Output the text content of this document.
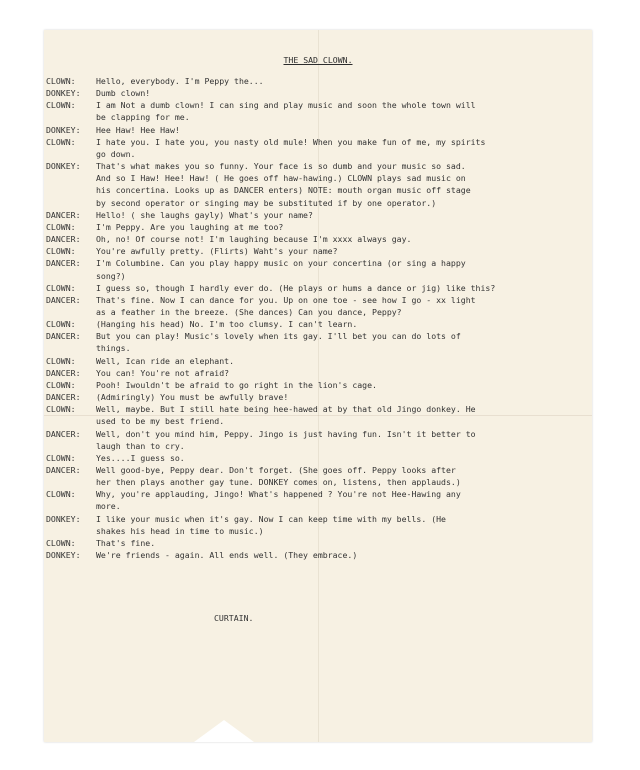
THE SAD CLOWN.
CLOWN:	Hello, everybody. I'm Peppy the...
DONKEY:	Dumb clown!
CLOWN:	I am Not a dumb clown! I can sing and play music and soon the whole town will
be clapping for me.
DONKEY:	Hee Haw! Hee Haw!
CLOWN:	I hate you. I hate you, you nasty old mule! When you make fun of me, my spirits
go down.
DONKEY:	That's what makes you so funny. Your face is so dumb and your music so sad.
And so I Haw! Hee! Haw! ( He goes off haw-hawing.) CLOWN plays sad music on
his concertina. Looks up as DANCER enters) NOTE: mouth organ music off stage
by second operator or singing may be substituted if by one operator.)
DANCER:	Hello! ( she laughs gayly) What's your name?
CLOWN:	I'm Peppy. Are you laughing at me too?
DANCER:	Oh, no! Of course not! I'm laughing because I'm xxxx always gay.
CLOWN:	You're awfully pretty. (Flirts) Waht's your name?
DANCER:	I'm Columbine. Can you play happy music on your concertina (or sing a happy
song?)
CLOWN:	I guess so, though I hardly ever do. (He plays or hums a dance or jig) like this?
DANCER:	That's fine. Now I can dance for you. Up on one toe - see how I go - xx light
as a feather in the breeze. (She dances) Can you dance, Peppy?
CLOWN:	(Hanging his head) No. I'm too clumsy. I can't learn.
DANCER:	But you can play! Music's lovely when its gay. I'll bet you can do lots of
things.
CLOWN:	Well, Ican ride an elephant.
DANCER:	You can! You're not afraid?
CLOWN:	Pooh! Iwouldn't be afraid to go right in the lion's cage.
DANCER:	(Admiringly) You must be awfully brave!
CLOWN:	Well, maybe. But I still hate being hee-hawed at by that old Jingo donkey. He
used to be my best friend.
DANCER:	Well, don't you mind him, Peppy. Jingo is just having fun. Isn't it better to
laugh than to cry.
CLOWN:	Yes....I guess so.
DANCER:	Well good-bye, Peppy dear. Don't forget. (She goes off. Peppy looks after
her then plays another gay tune. DONKEY comes on, listens, then applauds.)
CLOWN:	Why, you're applauding, Jingo! What's happened ? You're not Hee-Hawing any
more.
DONKEY:	I like your music when it's gay. Now I can keep time with my bells. (He
shakes his head in time to music.)
CLOWN:	That's fine.
DONKEY:	We're friends - again. All ends well. (They embrace.)
CURTAIN.
